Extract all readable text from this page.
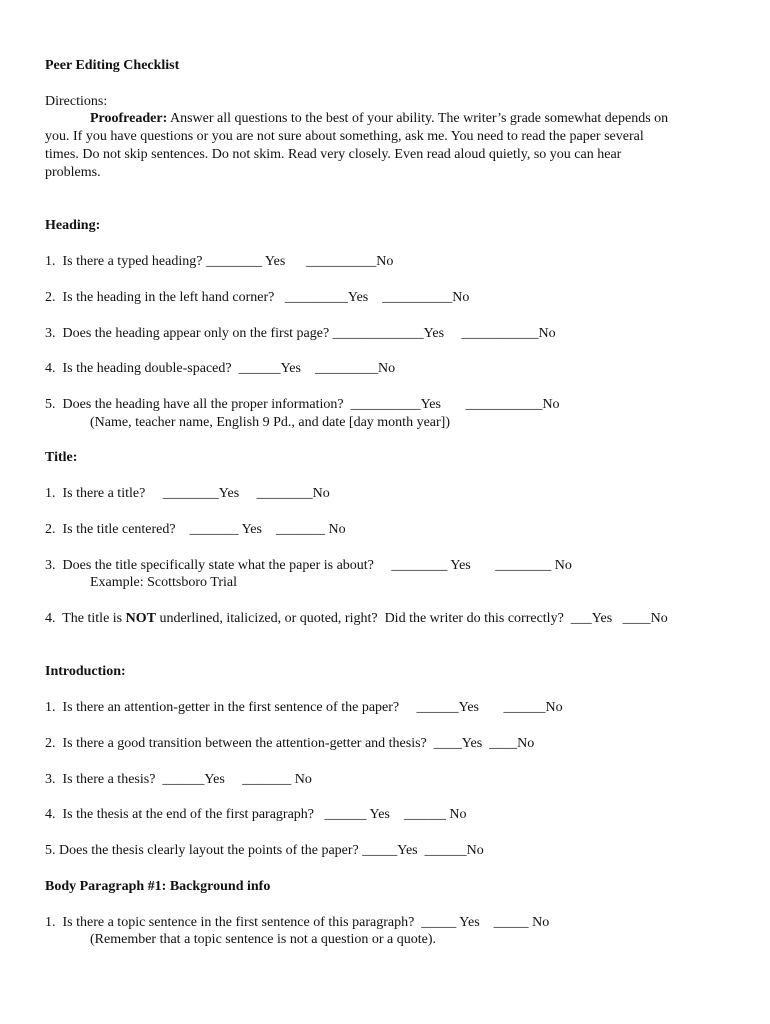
Peer Editing Checklist
Directions:
Proofreader: Answer all questions to the best of your ability. The writer’s grade somewhat depends on
you. If you have questions or you are not sure about something, ask me. You need to read the paper several
times. Do not skip sentences. Do not skim. Read very closely. Even read aloud quietly, so you can hear
problems.
Heading:
1.  Is there a typed heading? ________ Yes      __________No
2.  Is the heading in the left hand corner?   _________Yes    __________No
3.  Does the heading appear only on the first page? _____________Yes     ___________No
4.  Is the heading double-spaced?  ______Yes    _________No
5.  Does the heading have all the proper information?  __________Yes       ___________No
(Name, teacher name, English 9 Pd., and date [day month year])
Title:
1.  Is there a title?     ________Yes     ________No
2.  Is the title centered?    _______ Yes    _______ No
3.  Does the title specifically state what the paper is about?     ________ Yes       ________ No
Example: Scottsboro Trial
4.  The title is NOT underlined, italicized, or quoted, right?  Did the writer do this correctly?  ___Yes   ____No
Introduction:
1.  Is there an attention-getter in the first sentence of the paper?     ______Yes       ______No
2.  Is there a good transition between the attention-getter and thesis?  ____Yes  ____No
3.  Is there a thesis?  ______Yes     _______ No
4.  Is the thesis at the end of the first paragraph?   ______ Yes    ______ No
5. Does the thesis clearly layout the points of the paper? _____Yes  ______No
Body Paragraph #1: Background info
1.  Is there a topic sentence in the first sentence of this paragraph?  _____ Yes    _____ No
(Remember that a topic sentence is not a question or a quote).
